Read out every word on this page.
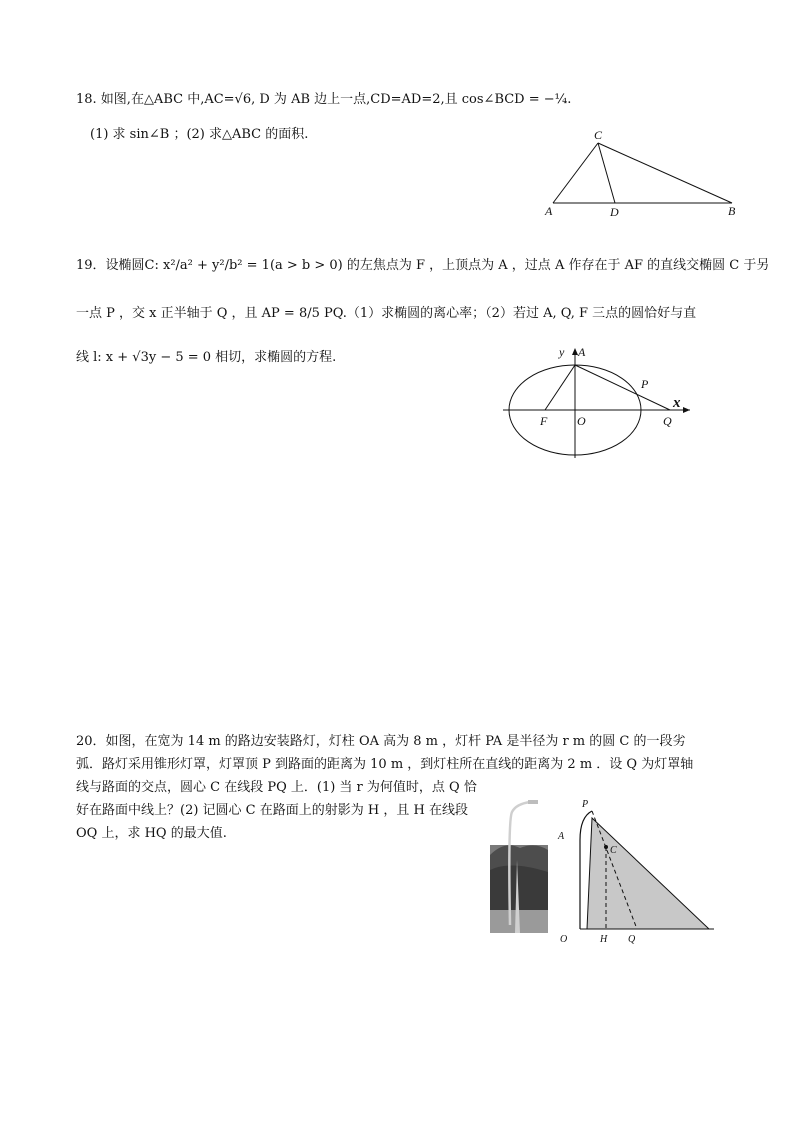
18. 如图,在△ABC 中,AC=√6, D 为 AB 边上一点,CD=AD=2,且 cos∠BCD = −¼.
(1) 求 sin∠B ；(2) 求△ABC 的面积.	C
A	D	B
19．设椭圆C: x²/a² + y²/b² = 1(a > b > 0) 的左焦点为 F ，上顶点为 A ，过点 A 作存在于 AF 的直线交椭圆 C 于另
一点 P ，交 x 正半轴于 Q ，且 AP = 8/5 PQ.（1）求椭圆的离心率；（2）若过 A, Q, F 三点的圆恰好与直
线 l: x + √3y − 5 = 0 相切，求椭圆的方程.	y A
x
P
F O	Q
20．如图，在宽为 14 m 的路边安装路灯，灯柱 OA 高为 8 m ，灯杆 PA 是半径为 r m 的圆 C 的一段劣
弧．路灯采用锥形灯罩，灯罩顶 P 到路面的距离为 10 m ，到灯柱所在直线的距离为 2 m ．设 Q 为灯罩轴
线与路面的交点，圆心 C 在线段 PQ 上．(1) 当 r 为何值时，点 Q 恰
好在路面中线上？(2) 记圆心 C 在路面上的射影为 H ，且 H 在线段
OQ 上，求 HQ 的最大值.
P
A
C
O	H Q
